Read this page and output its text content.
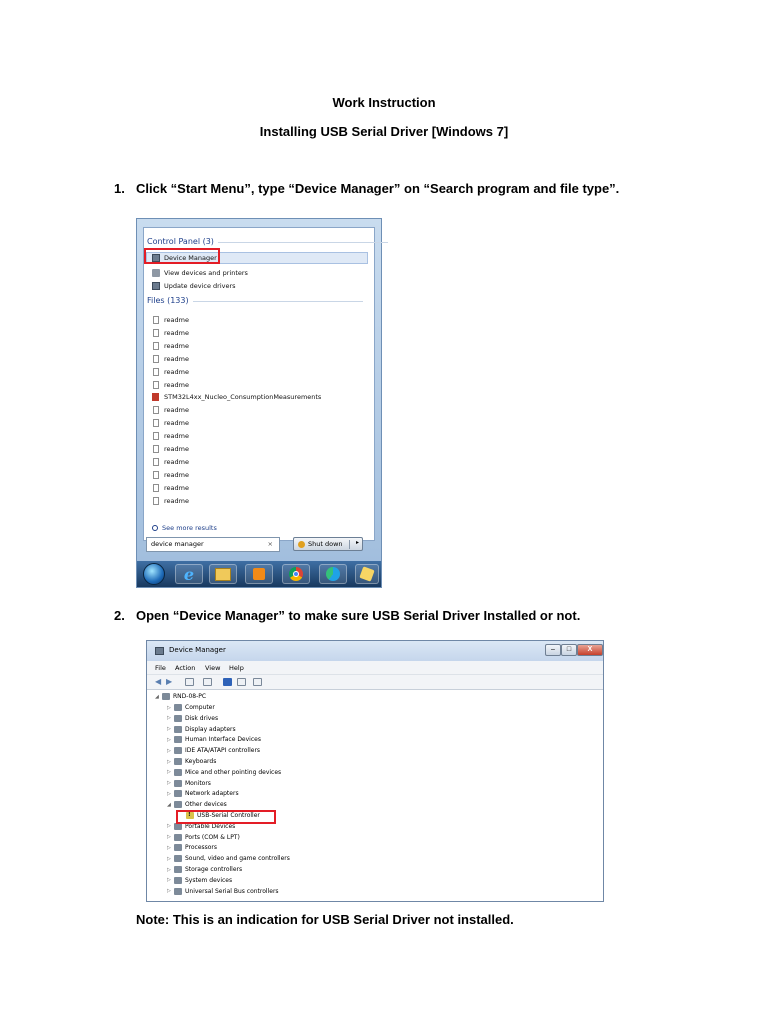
Work Instruction
Installing USB Serial Driver [Windows 7]
1. Click “Start Menu”, type “Device Manager” on “Search program and file type”.
Control Panel (3)
Device Manager
View devices and printers
Update device drivers
Files (133)
readme
readme
readme
readme
readme
readme
STM32L4xx_Nucleo_ConsumptionMeasurements
readme
readme
readme
readme
readme
readme
readme
readme
See more results
device manager	×	Shut down ▸
e
2. Open “Device Manager” to make sure USB Serial Driver Installed or not.
Device Manager	–	□	X
File Action View Help
◀ ▶
◢	RND-08-PC
▷	Computer
▷	Disk drives
▷	Display adapters
▷	Human Interface Devices
▷	IDE ATA/ATAPI controllers
▷	Keyboards
▷	Mice and other pointing devices
▷	Monitors
▷	Network adapters
◢	Other devices
!
USB-Serial Controller
▷	Portable Devices
▷	Ports (COM & LPT)
▷	Processors
▷	Sound, video and game controllers
▷	Storage controllers
▷	System devices
▷	Universal Serial Bus controllers
Note: This is an indication for USB Serial Driver not installed.
